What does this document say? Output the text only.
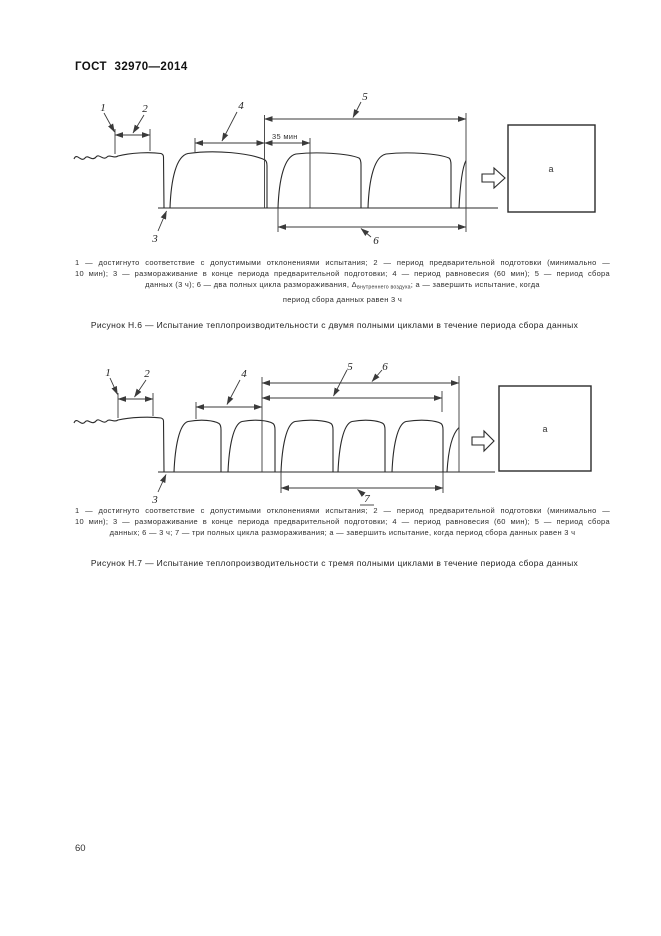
ГОСТ 32970—2014
1	2
3
4
5
6
35 мин
а
1 — достигнуто соответствие с допустимыми отклонениями испытания; 2 — период предварительной подготовки (минимально —
10 мин); 3 — размораживание в конце периода предварительной подготовки; 4 — период равновесия (60 мин); 5 — период сбора
данных (3 ч); 6 — два полных цикла размораживания, $\Delta_{внутреннего воздуха}$; а — завершить испытание, когда
период сбора данных равен 3 ч
Рисунок Н.6 — Испытание теплопроизводительности с двумя полными циклами в течение периода сбора данных
1	2
3
4
5	6
7
а
1 — достигнуто соответствие с допустимыми отклонениями испытания; 2 — период предварительной подготовки (минимально —
10 мин); 3 — размораживание в конце периода предварительной подготовки; 4 — период равновесия (60 мин); 5 — период сбора
данных; 6 — 3 ч; 7 — три полных цикла размораживания; а — завершить испытание, когда период сбора данных равен 3 ч
Рисунок Н.7 — Испытание теплопроизводительности с тремя полными циклами в течение периода сбора данных
60
